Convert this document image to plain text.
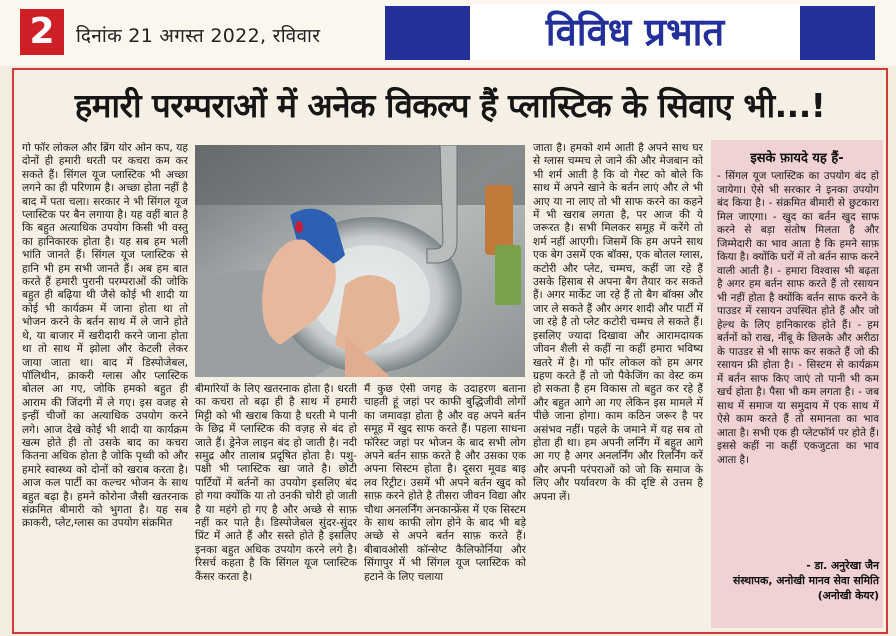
2	दिनांक 21 अगस्त 2022, रविवार	विविध प्रभात
हमारी परम्पराओं में अनेक विकल्प हैं प्लास्टिक के सिवाए भी...!
गो फॉर लोकल और ब्रिंग योर ओन कप, यह दोनों ही हमारी धरती पर कचरा कम कर सकते हैं। सिंगल यूज प्लास्टिक भी अच्छा लगने का ही परिणाम है। अच्छा होता नहीं है बाद में पता चला। सरकार ने भी सिंगल यूज प्लास्टिक पर बैन लगाया है। यह वहीं बात है कि बहुत अत्याधिक उपयोग किसी भी वस्तु का हानिकारक होता है। यह सब हम भली भांति जानते हैं। सिंगल यूज प्लास्टिक से हानि भी हम सभी जानते हैं। अब हम बात करते हैं हमारी पुरानी परम्पराओं की जोकि बहुत ही बढ़िया थी जैसे कोई भी शादी या कोई भी कार्यक्रम में जाना होता था तो भोजन करने के बर्तन साथ में ले जाने होते थे, या बाजार में खरीदारी करने जाना होता था तो साथ में झोला और केटली लेकर जाया जाता था। बाद में डिस्पोजेबल, पॉलिथीन, क्राकरी ग्लास और प्लास्टिक बोतल आ गए, जोकि हमको बहुत ही आराम की जिंदगी में ले गए। इस वजह से इन्हीं चीजों का अत्याधिक उपयोग करने लगे। आज देखे कोई भी शादी या कार्यक्रम खत्म होते ही तो उसके बाद का कचरा कितना अधिक होता है जोकि पृथ्वी को और हमारे स्वास्थ्य को दोनों को खराब करता है। आज कल पार्टी का कल्चर भोजन के साथ बहुत बढ़ा है। हमने कोरोना जैसी खतरनाक संक्रमित बीमारी को भुगता है। यह सब क्राकरी, प्लेट,ग्लास का उपयोग संक्रमित
बीमारियों के लिए खतरनाक होता है। धरती का कचरा तो बढ़ा ही है साथ में हमारी मिट्टी को भी खराब किया है धरती मे पानी के छिद्र में प्लास्टिक की वज़ह से बंद हो जाते हैं। ड्रेनेज लाइन बंद हो जाती है। नदी समुद्र और तालाब प्रदूषित होता है। पशु-पक्षी भी प्लास्टिक खा जाते है। छोटी पार्टियों में बर्तनों का उपयोग इसलिए बंद हो गया क्योंकि या तो उनकी चोरी हो जाती है या महंगे हो गए है और अच्छे से साफ़ नहीं कर पाते है। डिस्पोजेबल सुंदर-सुंदर प्रिंट में आते हैं और सस्ते होते है इसलिए इनका बहुत अधिक उपयोग करने लगे है। रिसर्च कहता है कि सिंगल यूज प्लास्टिक कैंसर करता है।
मैं कुछ ऐसी जगह के उदाहरण बताना चाहती हूं जहां पर काफी बुद्धिजीवी लोगों का जमावड़ा होता है और वह अपने बर्तन समूह में खुद साफ करते हैं। पहला साधना फॉरेस्ट जहां पर भोजन के बाद सभी लोग अपने बर्तन साफ़ करते है और उसका एक अपना सिस्टम होता है। दूसरा मूवड बाइ लव रिट्रीट। उसमें भी अपने बर्तन खुद को साफ़ करने होते है तीसरा जीवन विद्या और चौथा अनलर्निंग अनकान्फ्रेंस में एक सिस्टम के साथ काफी लोग होने के बाद भी बड़े अच्छे से अपने बर्तन साफ़ करते हैं। बीबावओसी कॉन्सेप्ट कैलिफोर्निया और सिंगापुर में भी सिंगल यूज प्लास्टिक को हटाने के लिए चलाया
जाता है। हमको शर्म आती है अपने साथ घर से ग्लास चम्मच ले जाने की और मेजबान को भी शर्म आती है कि वो गेस्ट को बोले कि साथ में अपने खाने के बर्तन लाएं और ले भी आए या ना लाए तो भी साफ करने का कहने में भी खराब लगता है, पर आज की ये जरूरत है। सभी मिलकर समूह में करेंगे तो शर्म नहीं आएगी। जिसमें कि हम अपने साथ एक बेग उसमें एक बॉक्स, एक बोतल ग्लास, कटोरी और प्लेट, चम्मच, कहीं जा रहे हैं उसके हिसाब से अपना बैग तैयार कर सकते हैं। अगर मार्केट जा रहे हैं तो बैग बॉक्स और जार ले सकते हैं और अगर शादी और पार्टी में जा रहे है तो प्लेट कटोरी चम्मच ले सकते हैं। इसलिए ज्यादा दिखावा और आरामदायक जीवन शैली से कहीं ना कहीं हमारा भविष्य खतरे में है। गो फॉर लोकल को हम अगर ग्रहण करते हैं तो जो पैकेजिंग का वेस्ट कम हो सकता है हम विकास तो बहुत कर रहे हैं और बहुत आगे आ गए लेकिन इस मामले में पीछे जाना होगा। काम कठिन जरूर है पर असंभव नहीं। पहले के जमाने में यह सब तो होता ही था। हम अपनी लर्निंग में बहुत आगे आ गए है अगर अनलर्निंग और रिलर्निंग करें और अपनी परंपराओं को जो कि समाज के लिए और पर्यावरण के की दृष्टि से उत्तम है अपना लें।
इसके फ़ायदे यह हैं-
- सिंगल यूज प्लास्टिक का उपयोग बंद हो जायेगा। ऐसे भी सरकार ने इनका उपयोग बंद किया है। - संक्रमित बीमारी से छुटकारा मिल जाएगा। - खुद का बर्तन खुद साफ करने से बड़ा संतोष मिलता है और जिम्मेदारी का भाव आता है कि हमने साफ़ किया है। क्योंकि घरों में तो बर्तन साफ करने वाली आती है। - हमारा विश्वास भी बढ़ता है अगर हम बर्तन साफ करते हैं तो रसायन भी नहीं होता है क्योंकि बर्तन साफ करने के पाउडर में रसायन उपस्थित होते हैं और जो हेल्थ के लिए हानिकारक होते हैं। - हम बर्तनों को राख, नींबू के छिलके और अरीठा के पाउडर से भी साफ कर सकते हैं जो की रसायन फ्री होता है। - सिस्टम से कार्यक्रम में बर्तन साफ किए जाएं तो पानी भी कम खर्च होता है। पैसा भी कम लगता है। - जब साथ में समाज या समुदाय में एक साथ में ऐसे काम करते हैं तो समानता का भाव आता है। सभी एक ही प्लेटफॉर्म पर होते हैं। इससे कहीं ना कहीं एकजुटता का भाव आता है।
- डा. अनुरेखा जैन
संस्थापक, अनोखी मानव सेवा समिति (अनोखी केयर)
